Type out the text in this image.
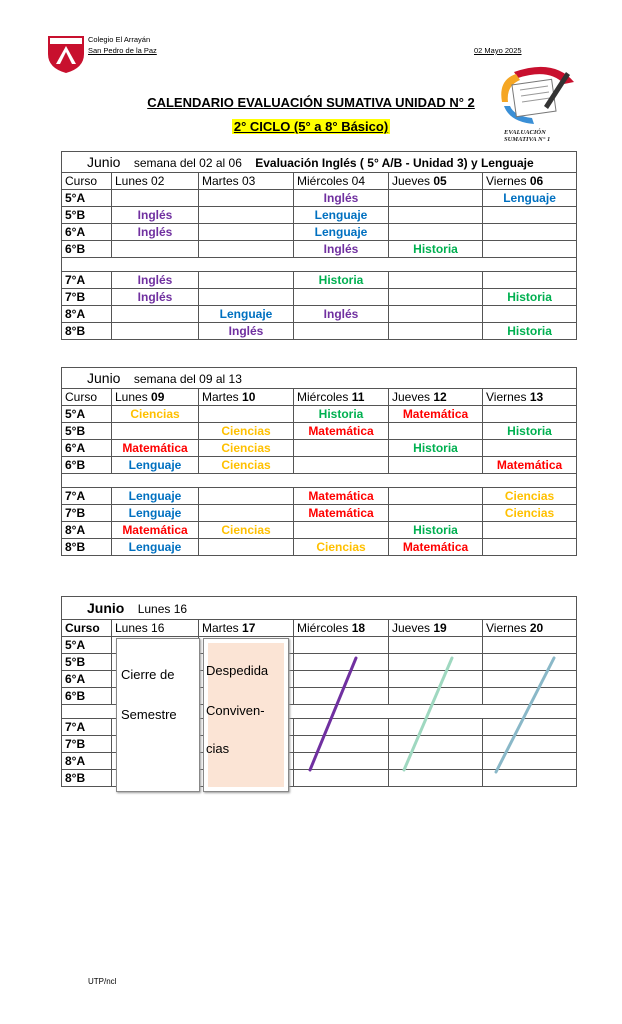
Colegio El Arrayán
San Pedro de la Paz	02 Mayo 2025
EVALUACIÓN
SUMATIVA N° 1
CALENDARIO EVALUACIÓN SUMATIVA UNIDAD N° 2
2° CICLO (5° a 8° Básico)
Junio semana del 02 al 06 Evaluación Inglés ( 5° A/B - Unidad 3) y Lenguaje					
Curso	Lunes 02	Martes 03	Miércoles 04	Jueves 05	Viernes 06
5°A			Inglés		Lenguaje
5°B	Inglés		Lenguaje		
6°A	Inglés		Lenguaje		
6°B			Inglés	Historia	

7°A	Inglés		Historia		
7°B	Inglés				Historia
8°A		Lenguaje	Inglés		
8°B		Inglés			Historia
Junio semana del 09 al 13					
Curso	Lunes 09	Martes 10	Miércoles 11	Jueves 12	Viernes 13
5°A	Ciencias		Historia	Matemática	
5°B		Ciencias	Matemática		Historia
6°A	Matemática	Ciencias		Historia	
6°B	Lenguaje	Ciencias			Matemática

7°A	Lenguaje		Matemática		Ciencias
7°B	Lenguaje		Matemática		Ciencias
8°A	Matemática	Ciencias		Historia	
8°B	Lenguaje		Ciencias	Matemática	
Junio Lunes 16					
Curso	Lunes 16	Martes 17	Miércoles 18	Jueves 19	Viernes 20
5°A					
5°B					
6°A					
6°B					

7°A					
7°B					
8°A					
8°B					
Cierre de
Semestre
Despedida
Conviven-
cias
UTP/ncl
